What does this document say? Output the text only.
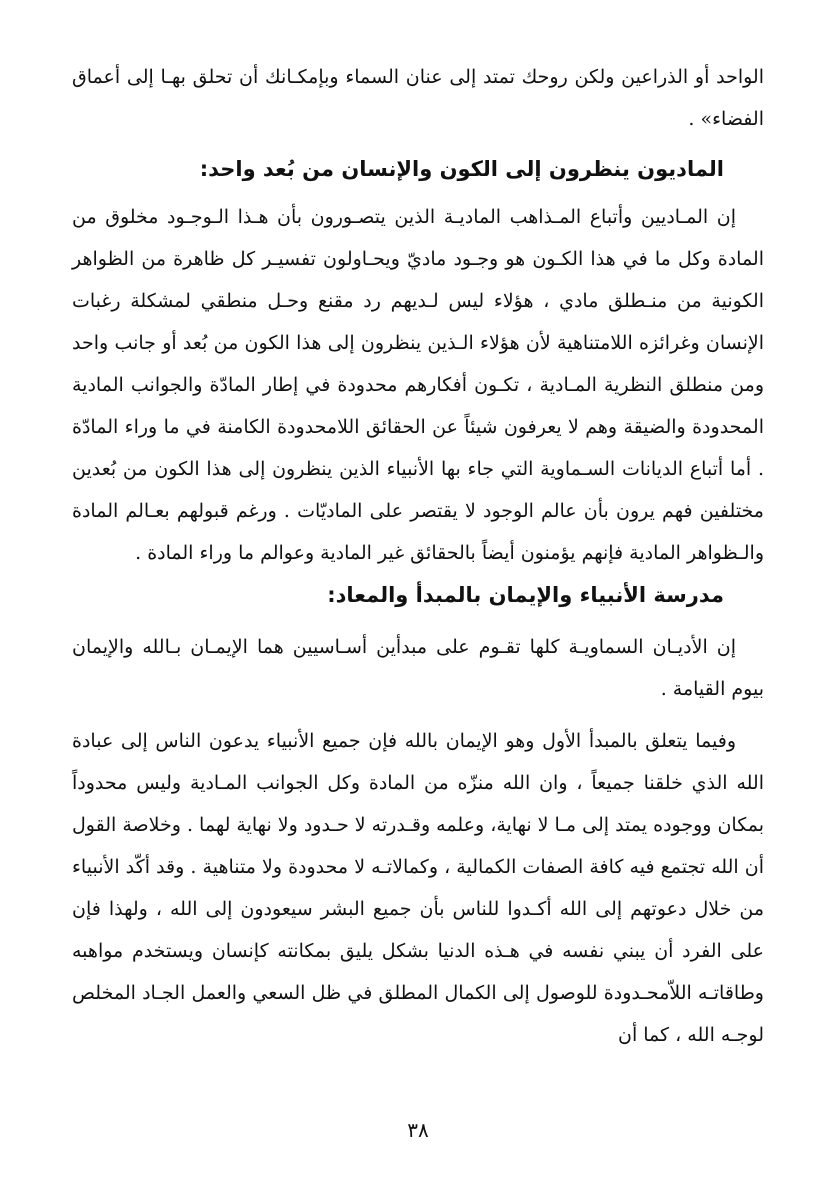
الواحد أو الذراعين ولكن روحك تمتد إلى عنان السماء وبإمكـانك أن تحلق بهـا إلى أعماق الفضاء» .

الماديون ينظرون إلى الكون والإنسان من بُعد واحد:

إن المـاديين وأتباع المـذاهب الماديـة الذين يتصـورون بأن هـذا الـوجـود مخلوق من المادة وكل ما في هذا الكـون هو وجـود ماديّ ويحـاولون تفسيـر كل ظاهرة من الظواهر الكونية من منـطلق مادي ، هؤلاء ليس لـديهم رد مقنع وحـل منطقي لمشكلة رغبات الإنسان وغرائزه اللامتناهية لأن هؤلاء الـذين ينظرون إلى هذا الكون من بُعد أو جانب واحد ومن منطلق النظرية المـادية ، تكـون أفكارهم محدودة في إطار المادّة والجوانب المادية المحدودة والضيقة وهم لا يعرفون شيئاً عن الحقائق اللامحدودة الكامنة في ما وراء المادّة . أما أتباع الديانات السـماوية التي جاء بها الأنبياء الذين ينظرون إلى هذا الكون من بُعدين مختلفين فهم يرون بأن عالم الوجود لا يقتصر على الماديّات . ورغم قبولهم بعـالم المادة والـظواهر المادية فإنهم يؤمنون أيضاً بالحقائق غير المادية وعوالم ما وراء المادة .

مدرسة الأنبياء والإيمان بالمبدأ والمعاد:

إن الأديـان السماويـة كلها تقـوم على مبدأين أسـاسيين هما الإيمـان بـالله والإيمان بيوم القيامة .

وفيما يتعلق بالمبدأ الأول وهو الإيمان بالله فإن جميع الأنبياء يدعون الناس إلى عبادة الله الذي خلقنا جميعاً ، وان الله منزّه من المادة وكل الجوانب المـادية وليس محدوداً بمكان ووجوده يمتد إلى مـا لا نهاية، وعلمه وقـدرته لا حـدود ولا نهاية لهما . وخلاصة القول أن الله تجتمع فيه كافة الصفات الكمالية ، وكمالاتـه لا محدودة ولا متناهية . وقد أكّد الأنبياء من خلال دعوتهم إلى الله أكـدوا للناس بأن جميع البشر سيعودون إلى الله ، ولهذا فإن على الفرد أن يبني نفسه في هـذه الدنيا بشكل يليق بمكانته كإنسان ويستخدم مواهبه وطاقاتـه اللاّمحـدودة للوصول إلى الكمال المطلق في ظل السعي والعمل الجـاد المخلص لوجـه الله ، كما أن

٣٨
